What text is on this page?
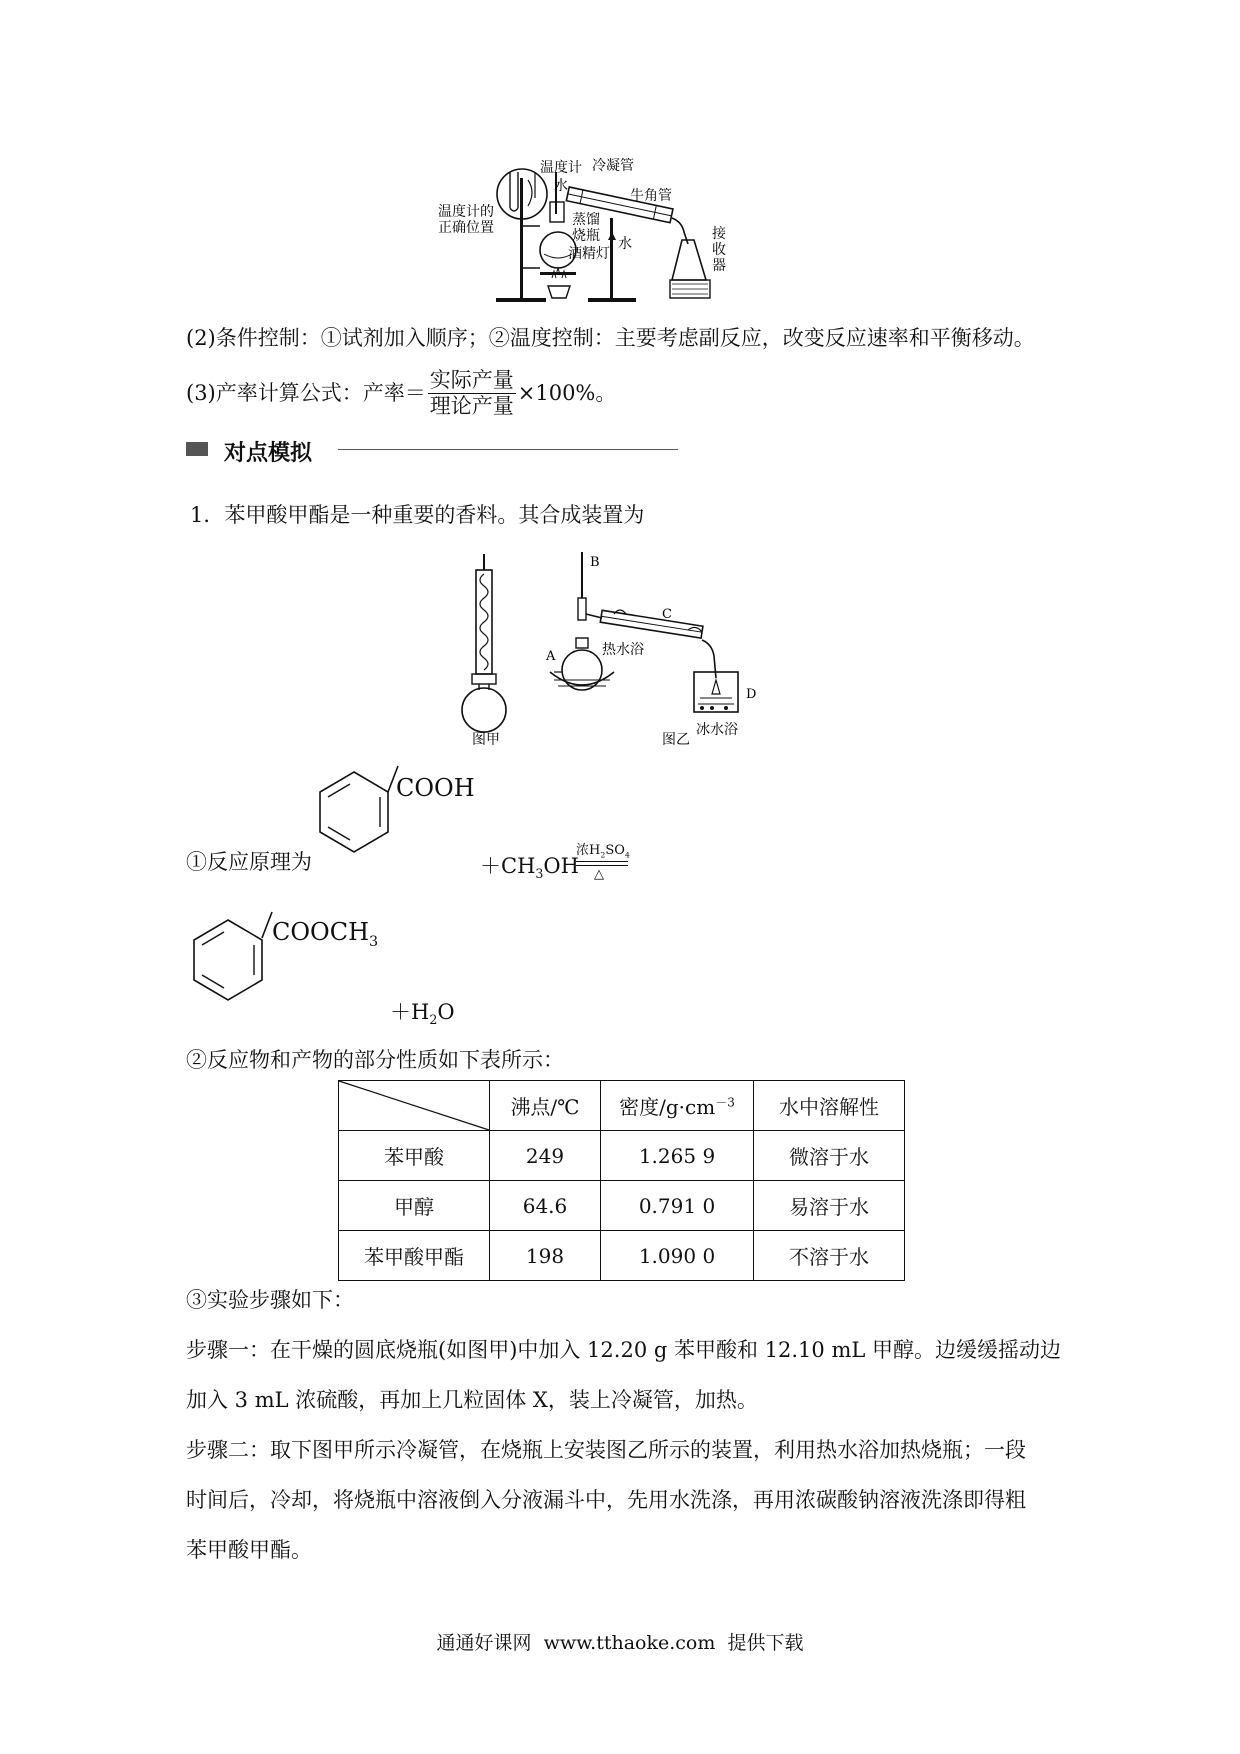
温度计
水
冷凝管
牛角管
温度计的
正确位置	蒸馏
烧瓶 水
酒精灯
接
收
器
(2)条件控制：①试剂加入顺序；②温度控制：主要考虑副反应，改变反应速率和平衡移动。
(3)产率计算公式：产率＝ $\frac{\text{实际产量}}{\text{理论产量}} \times 100\%$。
对点模拟
1．苯甲酸甲酯是一种重要的香料。其合成装置为
B
C
A
D
热水浴
冰水浴
图甲	图乙
COOH
①反应原理为	$+CH_3OH$
浓$H_2SO_4$
△
$COOCH_3$
$+H_2O$
②反应物和产物的部分性质如下表所示：
	沸点/℃	密度$/g\cdot cm^{-3}$	水中溶解性
苯甲酸	249	1.265 9	微溶于水
甲醇	64.6	0.791 0	易溶于水
苯甲酸甲酯	198	1.090 0	不溶于水
③实验步骤如下：
步骤一：在干燥的圆底烧瓶(如图甲)中加入 12.20 g 苯甲酸和 12.10 mL 甲醇。边缓缓摇动边
加入 3 mL 浓硫酸，再加上几粒固体 X，装上冷凝管，加热。
步骤二：取下图甲所示冷凝管，在烧瓶上安装图乙所示的装置，利用热水浴加热烧瓶；一段
时间后，冷却，将烧瓶中溶液倒入分液漏斗中，先用水洗涤，再用浓碳酸钠溶液洗涤即得粗
苯甲酸甲酯。
通通好课网  www.tthaoke.com  提供下载
